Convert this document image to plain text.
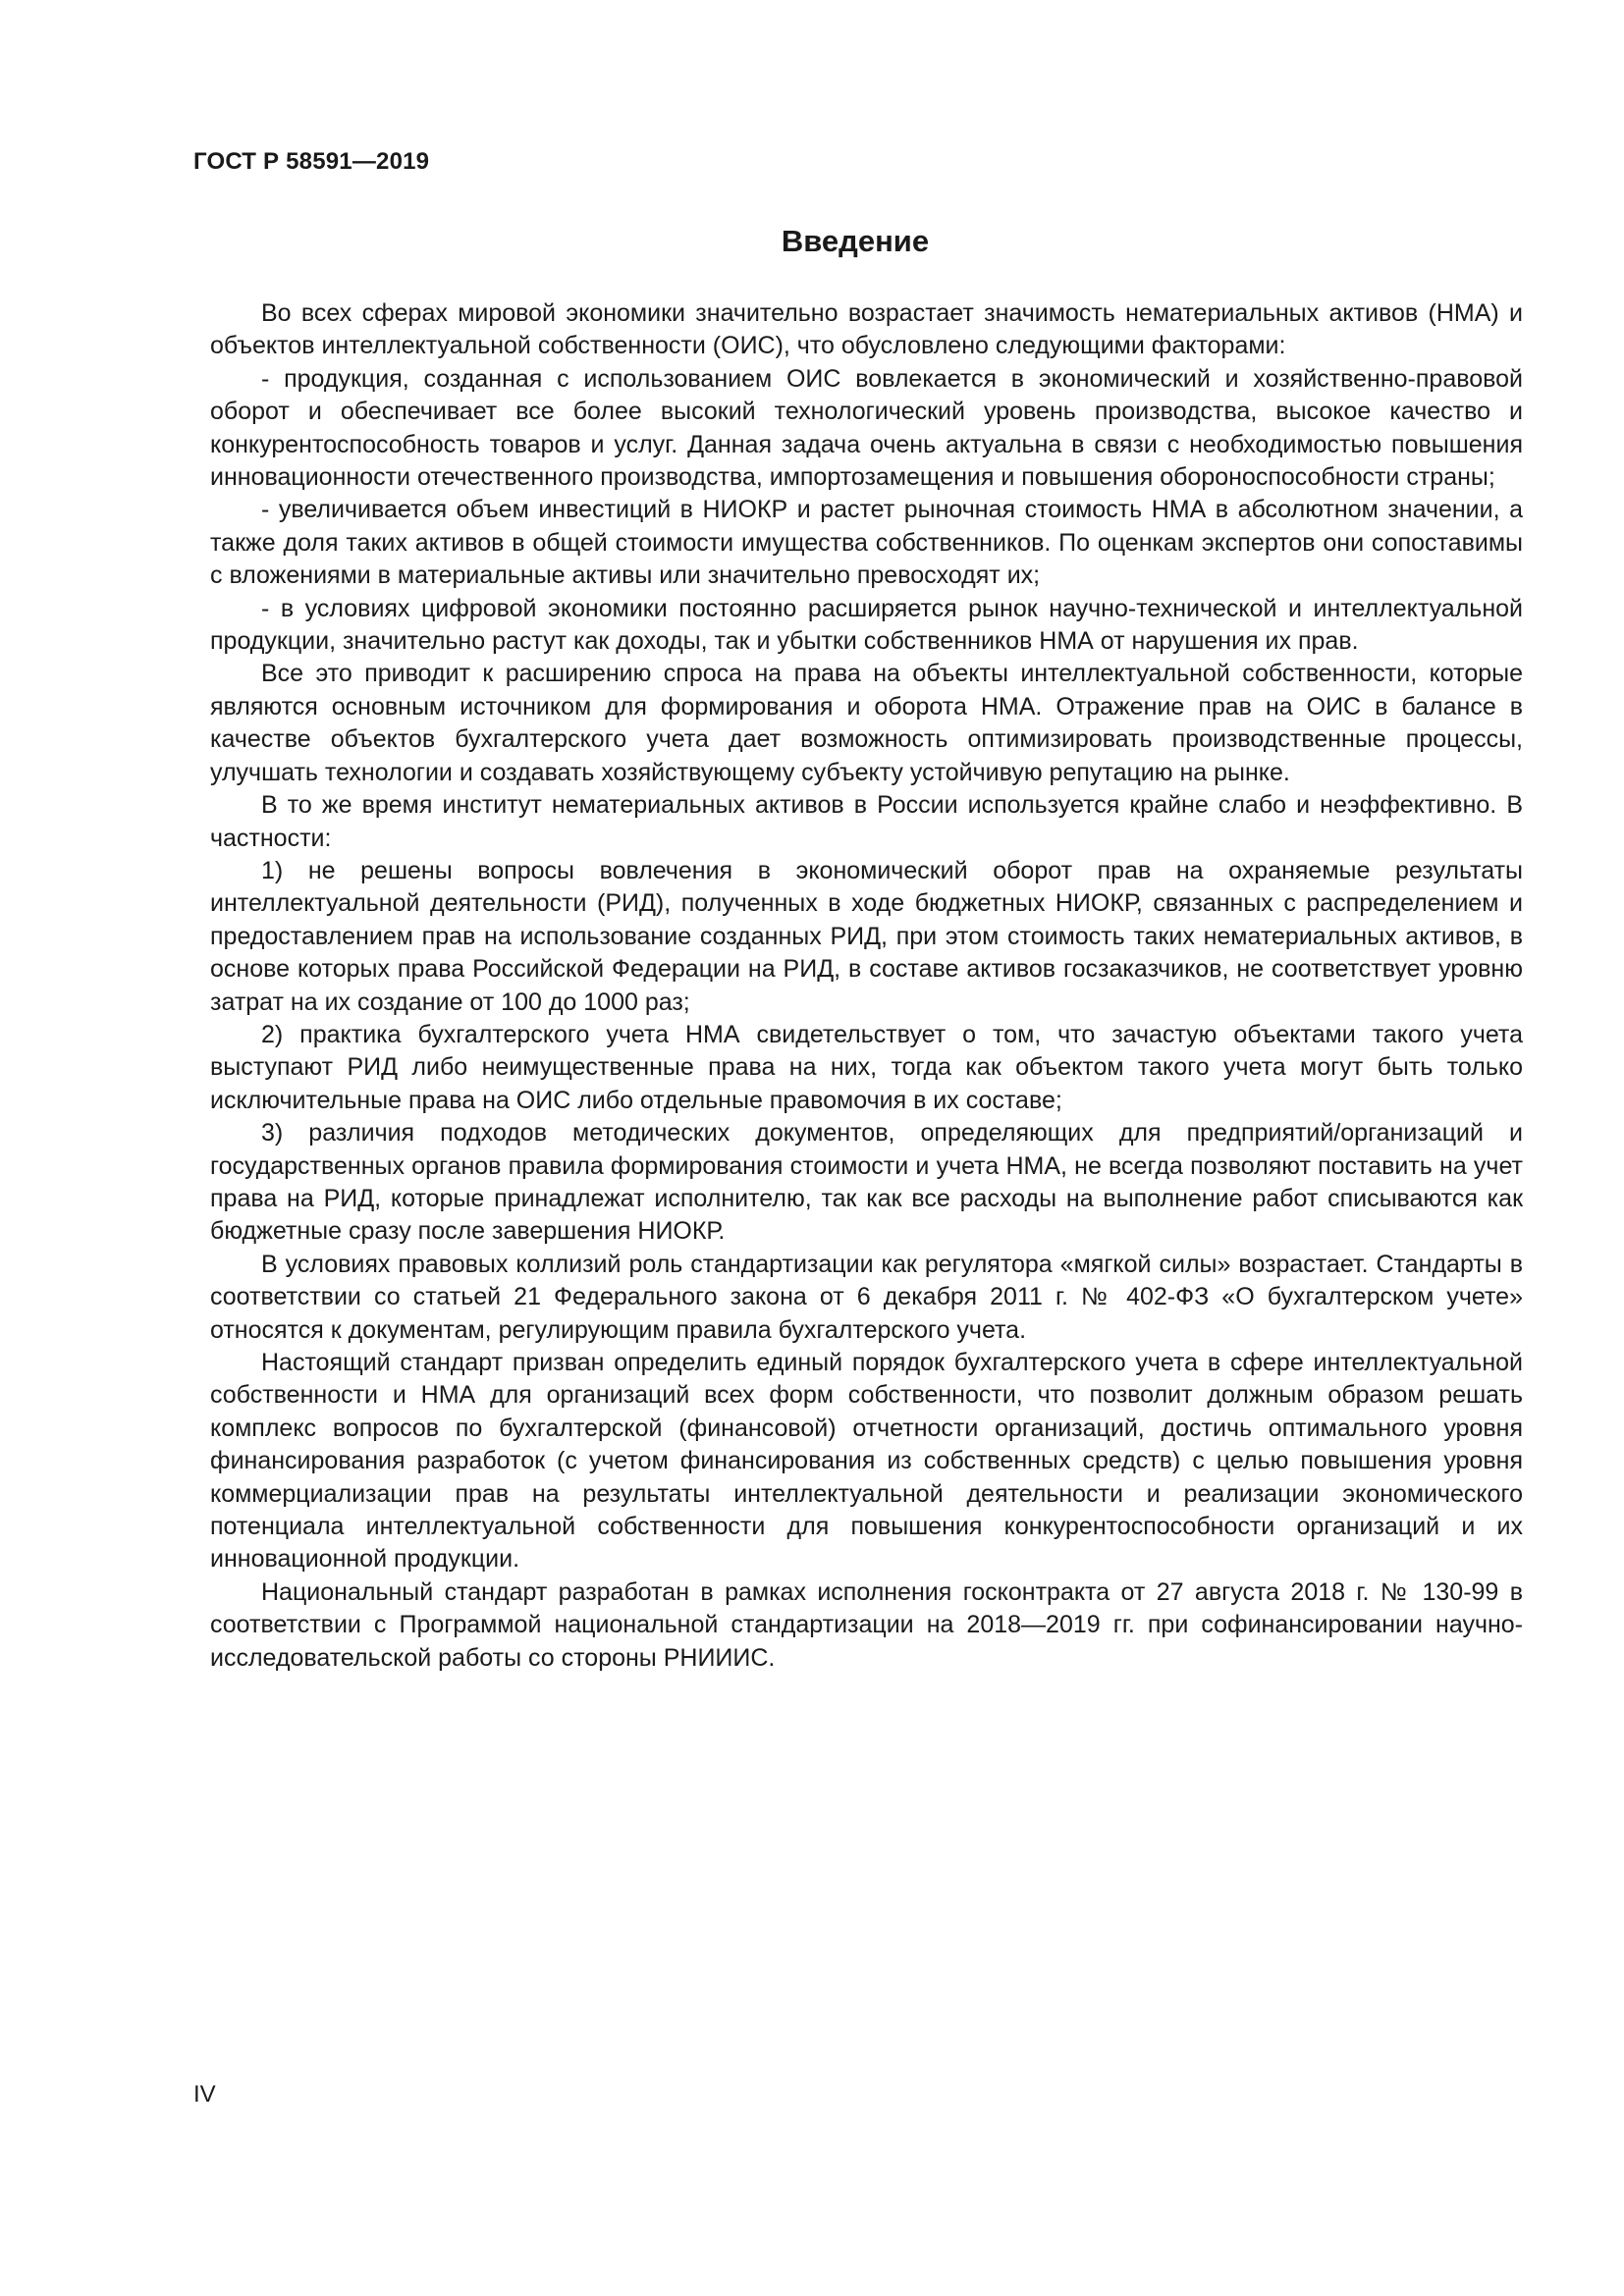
ГОСТ Р 58591—2019

Введение

Во всех сферах мировой экономики значительно возрастает значимость нематериальных активов (НМА) и объектов интеллектуальной собственности (ОИС), что обусловлено следующими факторами:

- продукция, созданная с использованием ОИС вовлекается в экономический и хозяйственно-правовой оборот и обеспечивает все более высокий технологический уровень производства, высокое качество и конкурентоспособность товаров и услуг. Данная задача очень актуальна в связи с необходимостью повышения инновационности отечественного производства, импортозамещения и повышения обороноспособности страны;

- увеличивается объем инвестиций в НИОКР и растет рыночная стоимость НМА в абсолютном значении, а также доля таких активов в общей стоимости имущества собственников. По оценкам экспертов они сопоставимы с вложениями в материальные активы или значительно превосходят их;

- в условиях цифровой экономики постоянно расширяется рынок научно-технической и интеллектуальной продукции, значительно растут как доходы, так и убытки собственников НМА от нарушения их прав.

Все это приводит к расширению спроса на права на объекты интеллектуальной собственности, которые являются основным источником для формирования и оборота НМА. Отражение прав на ОИС в балансе в качестве объектов бухгалтерского учета дает возможность оптимизировать производственные процессы, улучшать технологии и создавать хозяйствующему субъекту устойчивую репутацию на рынке.

В то же время институт нематериальных активов в России используется крайне слабо и неэффективно. В частности:

1) не решены вопросы вовлечения в экономический оборот прав на охраняемые результаты интеллектуальной деятельности (РИД), полученных в ходе бюджетных НИОКР, связанных с распределением и предоставлением прав на использование созданных РИД, при этом стоимость таких нематериальных активов, в основе которых права Российской Федерации на РИД, в составе активов госзаказчиков, не соответствует уровню затрат на их создание от 100 до 1000 раз;

2) практика бухгалтерского учета НМА свидетельствует о том, что зачастую объектами такого учета выступают РИД либо неимущественные права на них, тогда как объектом такого учета могут быть только исключительные права на ОИС либо отдельные правомочия в их составе;

3) различия подходов методических документов, определяющих для предприятий/организаций и государственных органов правила формирования стоимости и учета НМА, не всегда позволяют поставить на учет права на РИД, которые принадлежат исполнителю, так как все расходы на выполнение работ списываются как бюджетные сразу после завершения НИОКР.

В условиях правовых коллизий роль стандартизации как регулятора «мягкой силы» возрастает. Стандарты в соответствии со статьей 21 Федерального закона от 6 декабря 2011 г. № 402-ФЗ «О бухгалтерском учете» относятся к документам, регулирующим правила бухгалтерского учета.

Настоящий стандарт призван определить единый порядок бухгалтерского учета в сфере интеллектуальной собственности и НМА для организаций всех форм собственности, что позволит должным образом решать комплекс вопросов по бухгалтерской (финансовой) отчетности организаций, достичь оптимального уровня финансирования разработок (с учетом финансирования из собственных средств) с целью повышения уровня коммерциализации прав на результаты интеллектуальной деятельности и реализации экономического потенциала интеллектуальной собственности для повышения конкурентоспособности организаций и их инновационной продукции.

Национальный стандарт разработан в рамках исполнения госконтракта от 27 августа 2018 г. № 130-99 в соответствии с Программой национальной стандартизации на 2018—2019 гг. при софинансировании научно-исследовательской работы со стороны РНИИИС.

IV
